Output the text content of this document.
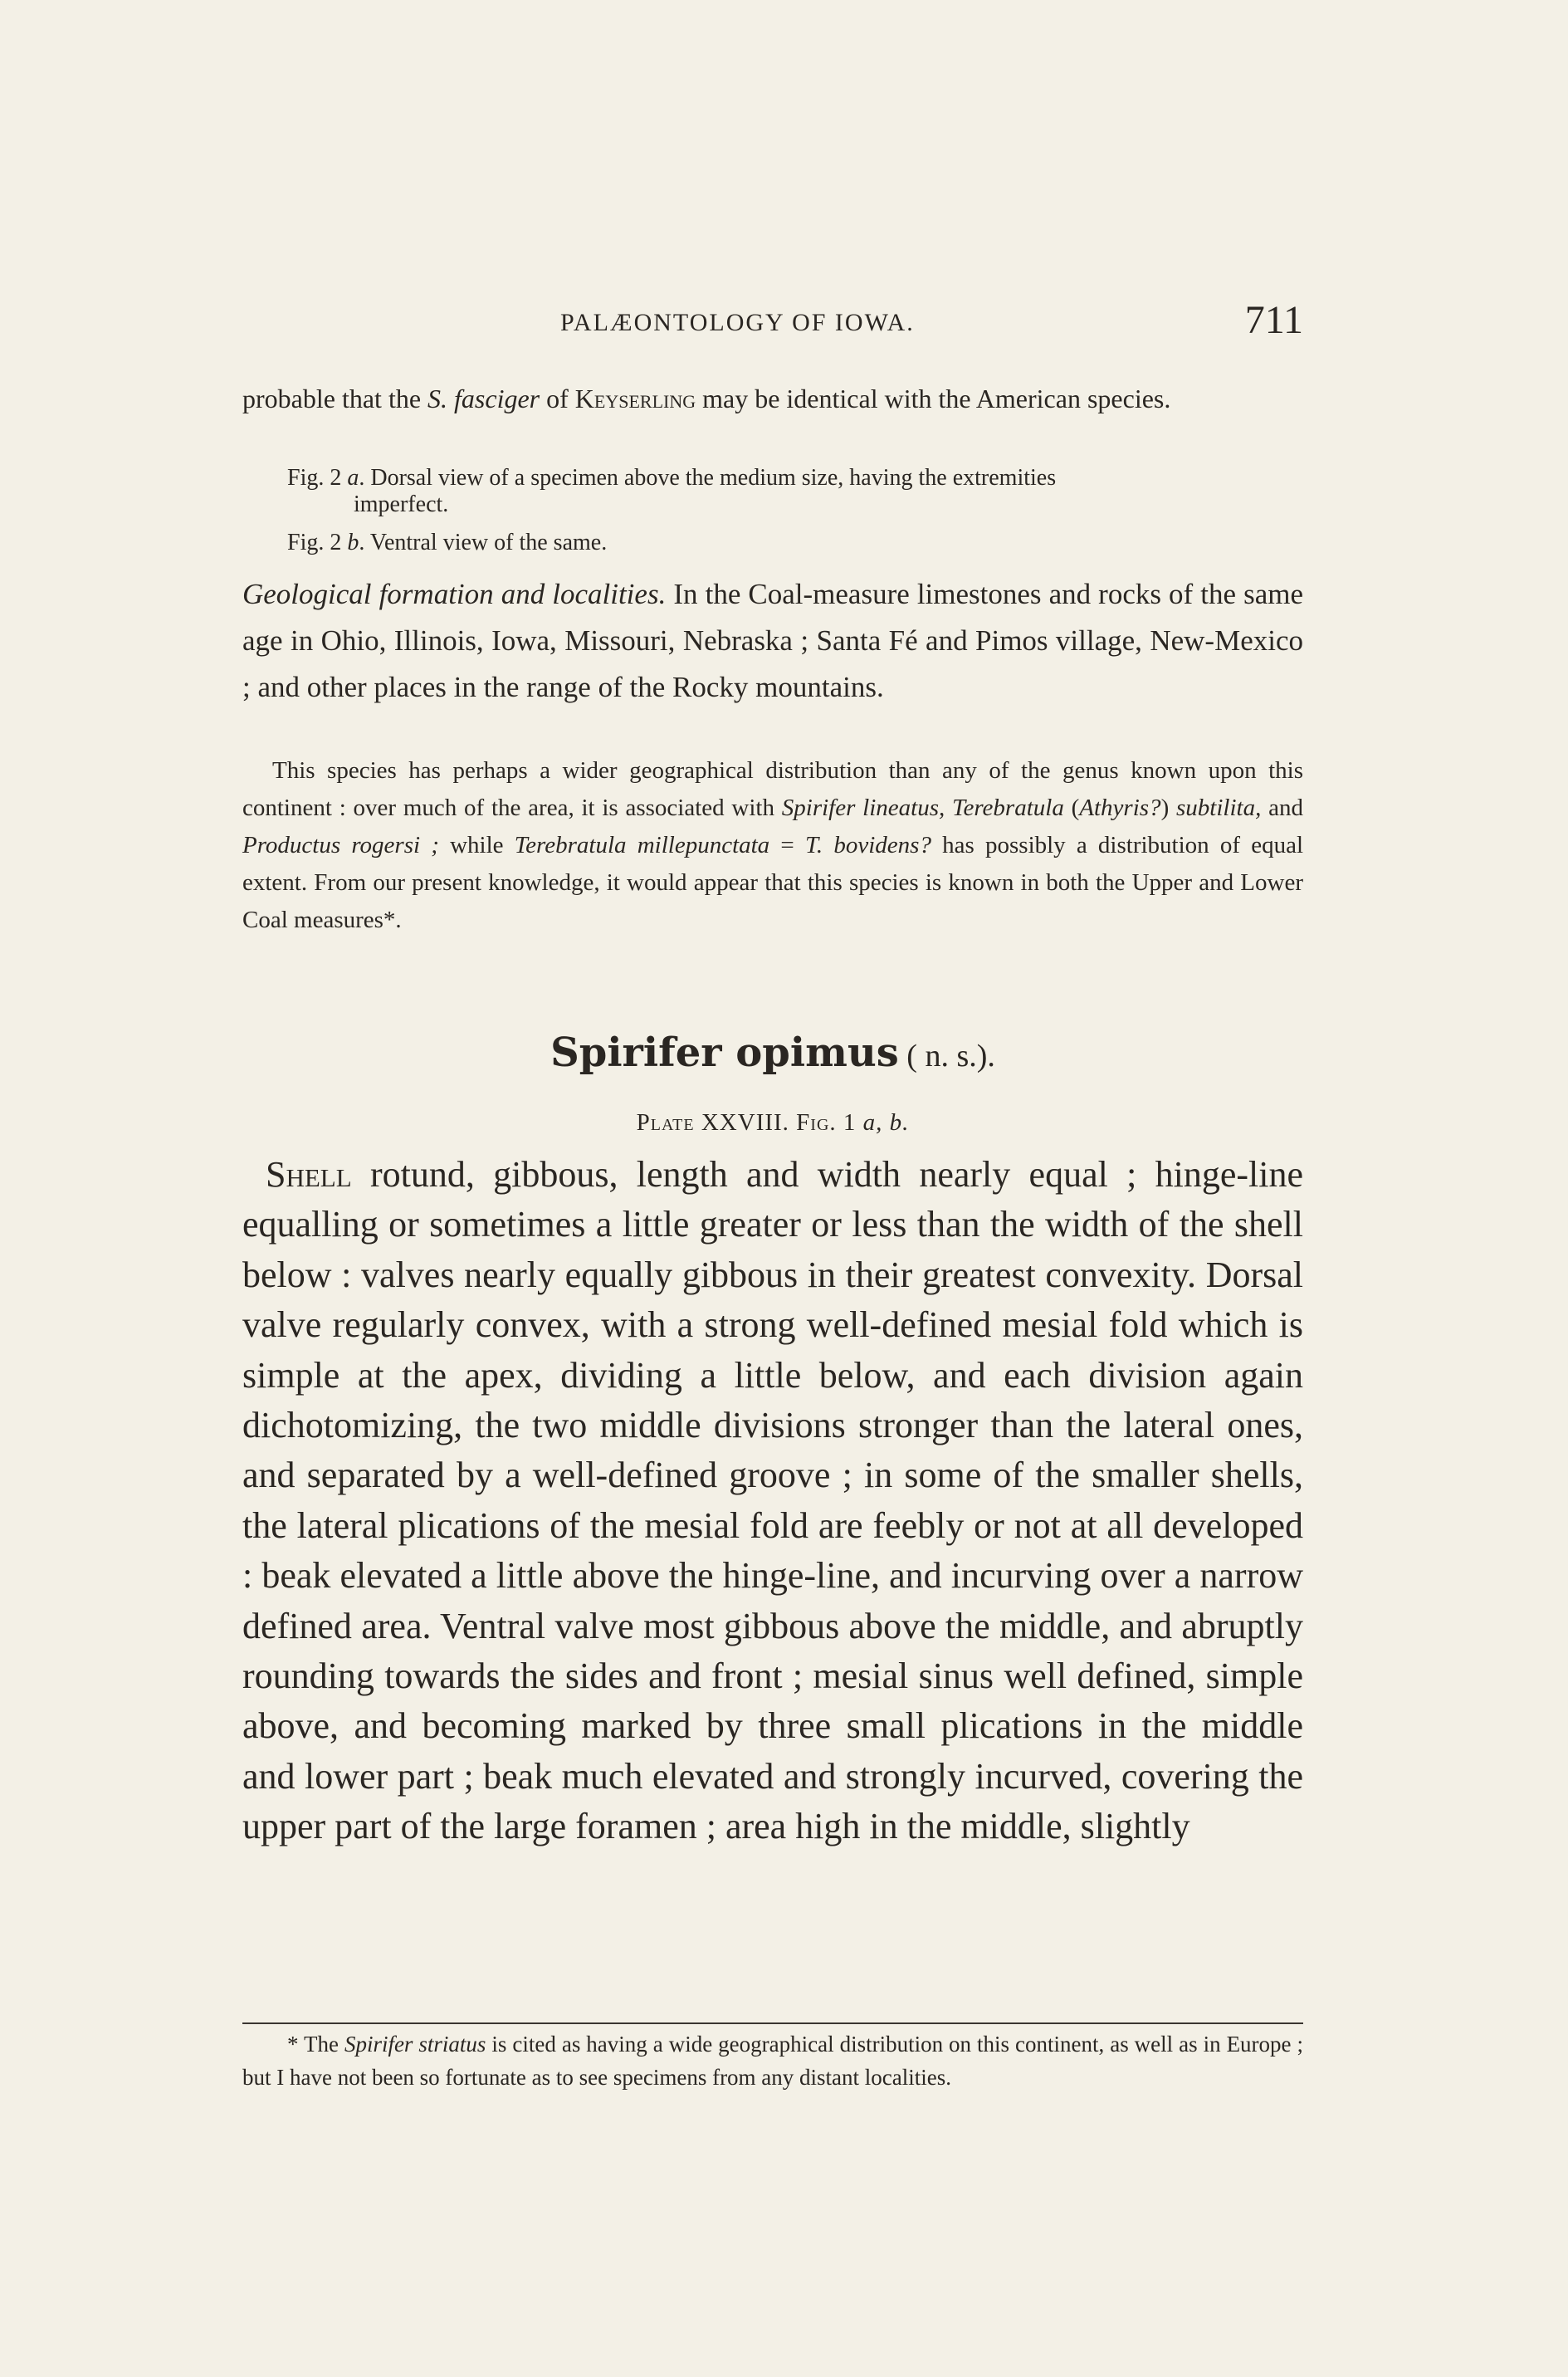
PALÆONTOLOGY OF IOWA.	711

probable that the S. fasciger of Keyserling may be identical with the American species.

Fig. 2 a. Dorsal view of a specimen above the medium size, having the extremities
imperfect.
Fig. 2 b. Ventral view of the same.

Geological formation and localities. In the Coal-measure limestones and rocks of the same age in Ohio, Illinois, Iowa, Missouri, Nebraska ; Santa Fé and Pimos village, New-Mexico ; and other places in the range of the Rocky mountains.

This species has perhaps a wider geographical distribution than any of the genus known upon this continent : over much of the area, it is associated with Spirifer lineatus, Terebratula (Athyris?) subtilita, and Productus rogersi ; while Terebratula millepunctata = T. bovidens? has possibly a distribution of equal extent. From our present knowledge, it would appear that this species is known in both the Upper and Lower Coal measures*.

Spirifer opimus ( n. s.).
Plate XXVIII. Fig. 1 a, b.

Shell rotund, gibbous, length and width nearly equal ; hinge-line equalling or sometimes a little greater or less than the width of the shell below : valves nearly equally gibbous in their greatest convexity. Dorsal valve regularly convex, with a strong well-defined mesial fold which is simple at the apex, dividing a little below, and each division again dichotomizing, the two middle divisions stronger than the lateral ones, and separated by a well-defined groove ; in some of the smaller shells, the lateral plications of the mesial fold are feebly or not at all developed : beak elevated a little above the hinge-line, and incurving over a narrow defined area. Ventral valve most gibbous above the middle, and abruptly rounding towards the sides and front ; mesial sinus well defined, simple above, and becoming marked by three small plications in the middle and lower part ; beak much elevated and strongly incurved, covering the upper part of the large foramen ; area high in the middle, slightly

* The Spirifer striatus is cited as having a wide geographical distribution on this continent, as well as in Europe ; but I have not been so fortunate as to see specimens from any distant localities.
